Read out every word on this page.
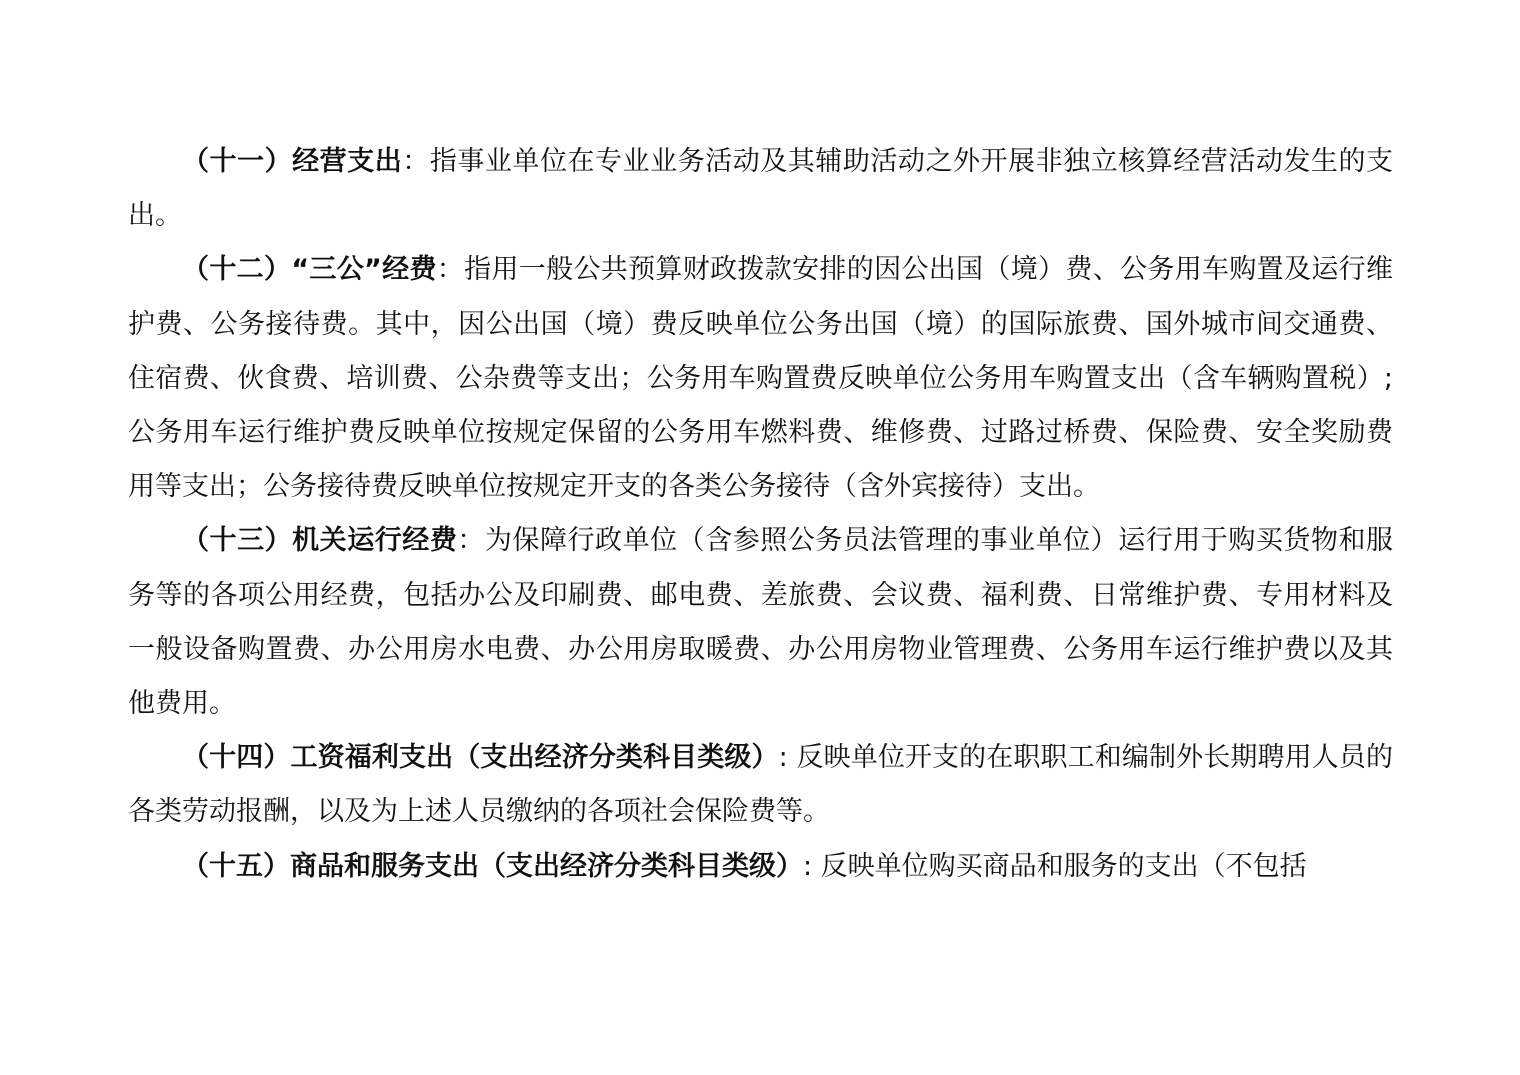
（十一）经营支出：指事业单位在专业业务活动及其辅助活动之外开展非独立核算经营活动发生的支出。

（十二）“三公”经费：指用一般公共预算财政拨款安排的因公出国（境）费、公务用车购置及运行维护费、公务接待费。其中，因公出国（境）费反映单位公务出国（境）的国际旅费、国外城市间交通费、住宿费、伙食费、培训费、公杂费等支出；公务用车购置费反映单位公务用车购置支出（含车辆购置税）;公务用车运行维护费反映单位按规定保留的公务用车燃料费、维修费、过路过桥费、保险费、安全奖励费用等支出；公务接待费反映单位按规定开支的各类公务接待（含外宾接待）支出。

（十三）机关运行经费：为保障行政单位（含参照公务员法管理的事业单位）运行用于购买货物和服务等的各项公用经费，包括办公及印刷费、邮电费、差旅费、会议费、福利费、日常维护费、专用材料及一般设备购置费、办公用房水电费、办公用房取暖费、办公用房物业管理费、公务用车运行维护费以及其他费用。

（十四）工资福利支出（支出经济分类科目类级）: 反映单位开支的在职职工和编制外长期聘用人员的各类劳动报酬，以及为上述人员缴纳的各项社会保险费等。

（十五）商品和服务支出（支出经济分类科目类级）: 反映单位购买商品和服务的支出（不包括
